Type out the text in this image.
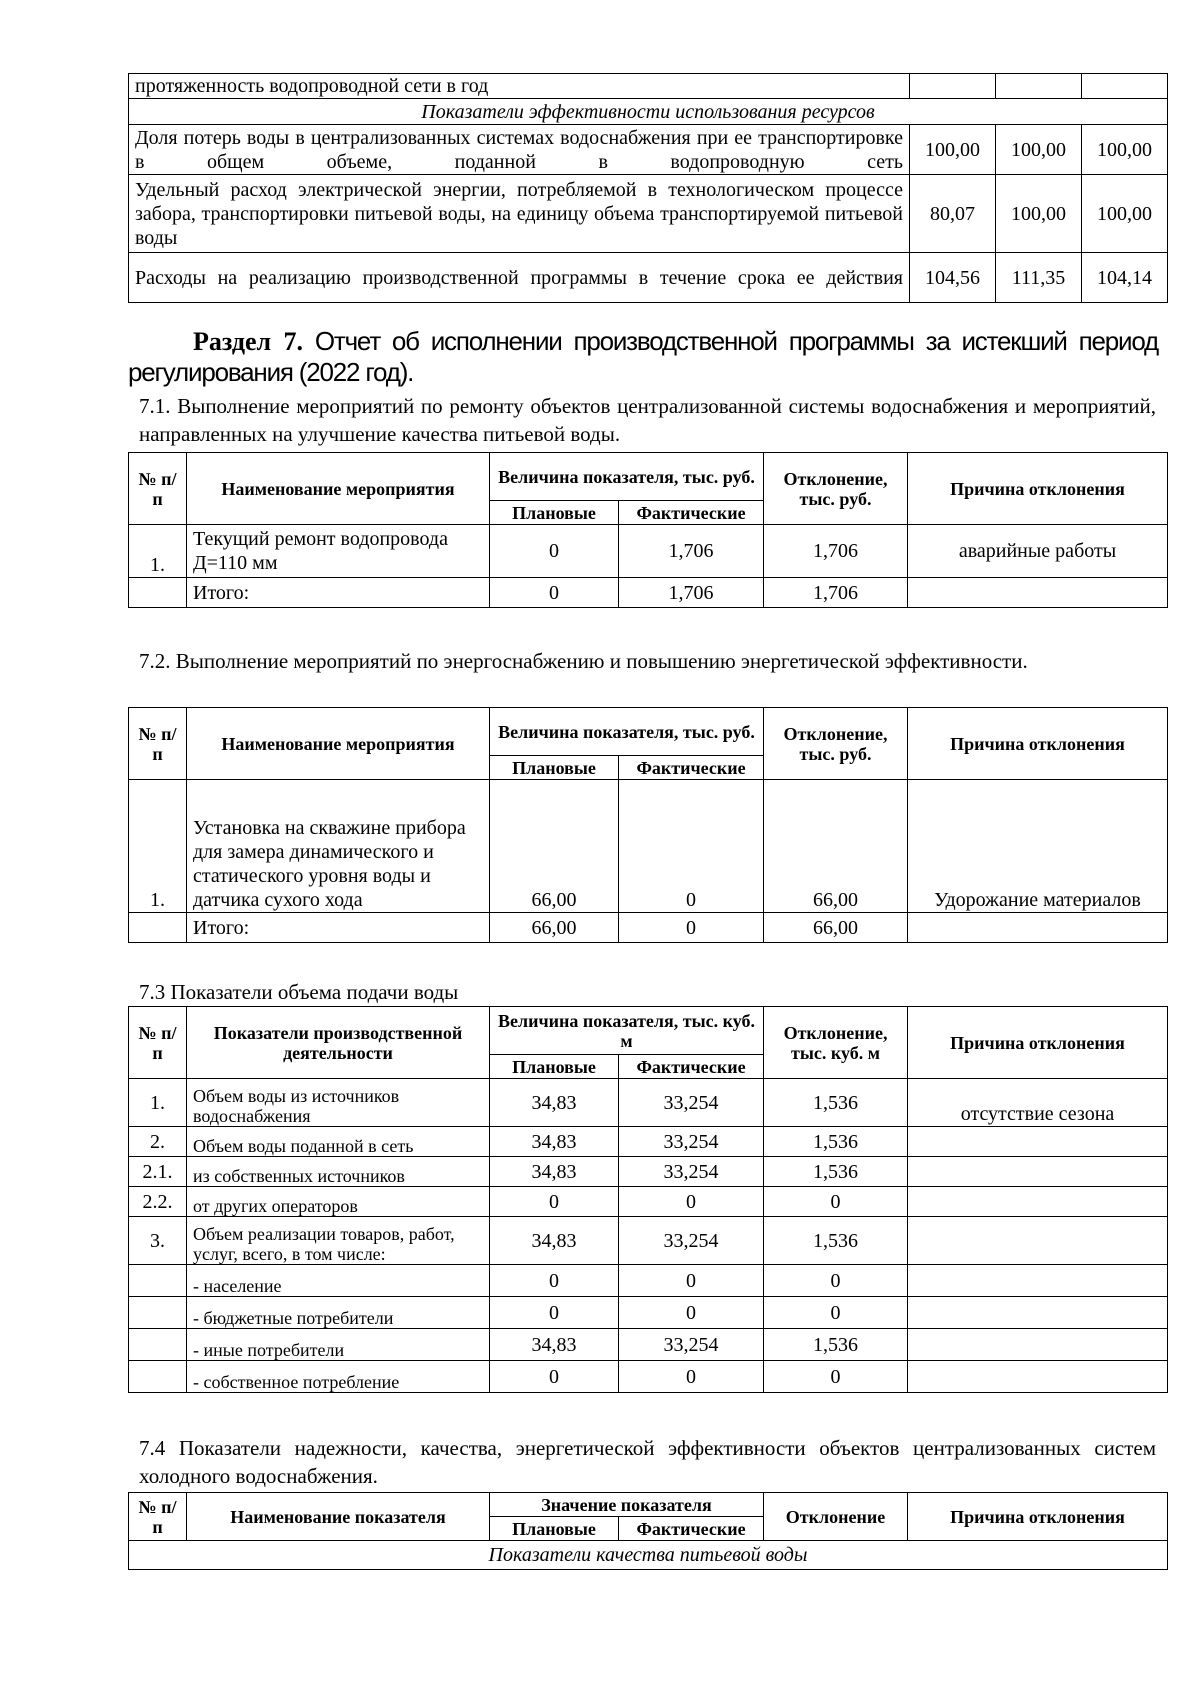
протяженность водопроводной сети в год			
Показатели эффективности использования ресурсов			
Доля потерь воды в централизованных системах водоснабжения при ее транспортировке в общем объеме, поданной в водопроводную сеть	100,00	100,00	100,00
Удельный расход электрической энергии, потребляемой в технологическом процессе забора, транспортировки питьевой воды, на единицу объема транспортируемой питьевой воды	80,07	100,00	100,00
Расходы на реализацию производственной программы в течение срока ее действия	104,56	111,35	104,14
Раздел 7. Отчет об исполнении производственной программы за истекший период регулирования (2022 год).
7.1. Выполнение мероприятий по ремонту объектов централизованной системы водоснабжения и мероприятий, направленных на улучшение качества питьевой воды.
№ п/п	Наименование мероприятия	Величина показателя, тыс. руб.		Отклонение, тыс. руб.	Причина отклонения
		Плановые	Фактические		
1.	Текущий ремонт водопровода Д=110 мм	0	1,706	1,706	аварийные работы
	Итого:	0	1,706	1,706	
7.2. Выполнение мероприятий по энергоснабжению и повышению энергетической эффективности.
№ п/п	Наименование мероприятия	Величина показателя, тыс. руб.		Отклонение, тыс. руб.	Причина отклонения
		Плановые	Фактические		
1.	Установка на скважине прибора для замера динамического и статического уровня воды и датчика сухого хода	66,00	0	66,00	Удорожание материалов
	Итого:	66,00	0	66,00	
7.3 Показатели объема подачи воды
№ п/п	Показатели производственной деятельности	Величина показателя, тыс. куб. м		Отклонение, тыс. куб. м	Причина отклонения
		Плановые	Фактические		
1.	Объем воды из источников водоснабжения	34,83	33,254	1,536	отсутствие сезона
2.	Объем воды поданной в сеть	34,83	33,254	1,536	
2.1.	из собственных источников	34,83	33,254	1,536	
2.2.	от других операторов	0	0	0	
3.	Объем реализации товаров, работ, услуг, всего, в том числе:	34,83	33,254	1,536	
	- население	0	0	0	
	- бюджетные потребители	0	0	0	
	- иные потребители	34,83	33,254	1,536	
	- собственное потребление	0	0	0	
7.4 Показатели надежности, качества, энергетической эффективности объектов централизованных систем холодного водоснабжения.
№ п/п	Наименование показателя	Значение показателя		Отклонение	Причина отклонения
		Плановые	Фактические		
Показатели качества питьевой воды					
